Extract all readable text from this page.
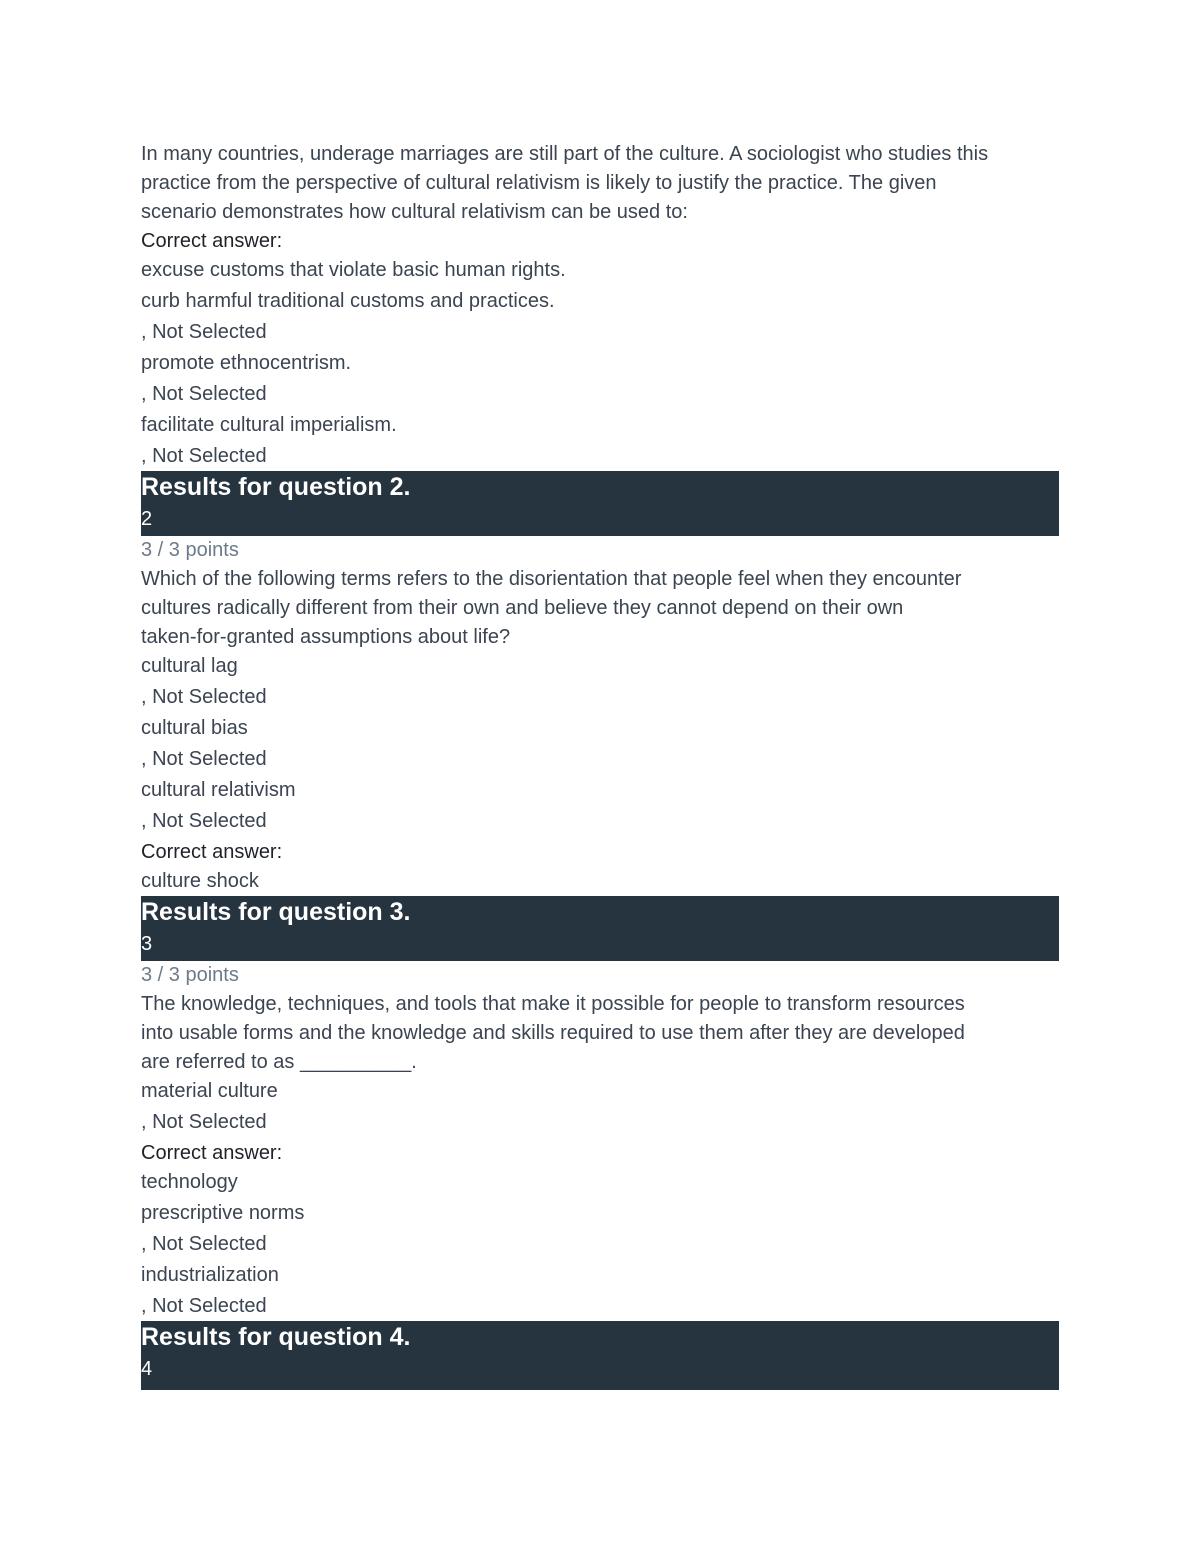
In many countries, underage marriages are still part of the culture. A sociologist who studies this

practice from the perspective of cultural relativism is likely to justify the practice. The given

scenario demonstrates how cultural relativism can be used to:

Correct answer:

excuse customs that violate basic human rights.

curb harmful traditional customs and practices.

, Not Selected

promote ethnocentrism.

, Not Selected

facilitate cultural imperialism.

, Not Selected

Results for question 2.

2

3 / 3 points

Which of the following terms refers to the disorientation that people feel when they encounter

cultures radically different from their own and believe they cannot depend on their own

taken-for-granted assumptions about life?

cultural lag

, Not Selected

cultural bias

, Not Selected

cultural relativism

, Not Selected

Correct answer:

culture shock

Results for question 3.

3

3 / 3 points

The knowledge, techniques, and tools that make it possible for people to transform resources

into usable forms and the knowledge and skills required to use them after they are developed

are referred to as __________.

material culture

, Not Selected

Correct answer:

technology

prescriptive norms

, Not Selected

industrialization

, Not Selected

Results for question 4.

4
